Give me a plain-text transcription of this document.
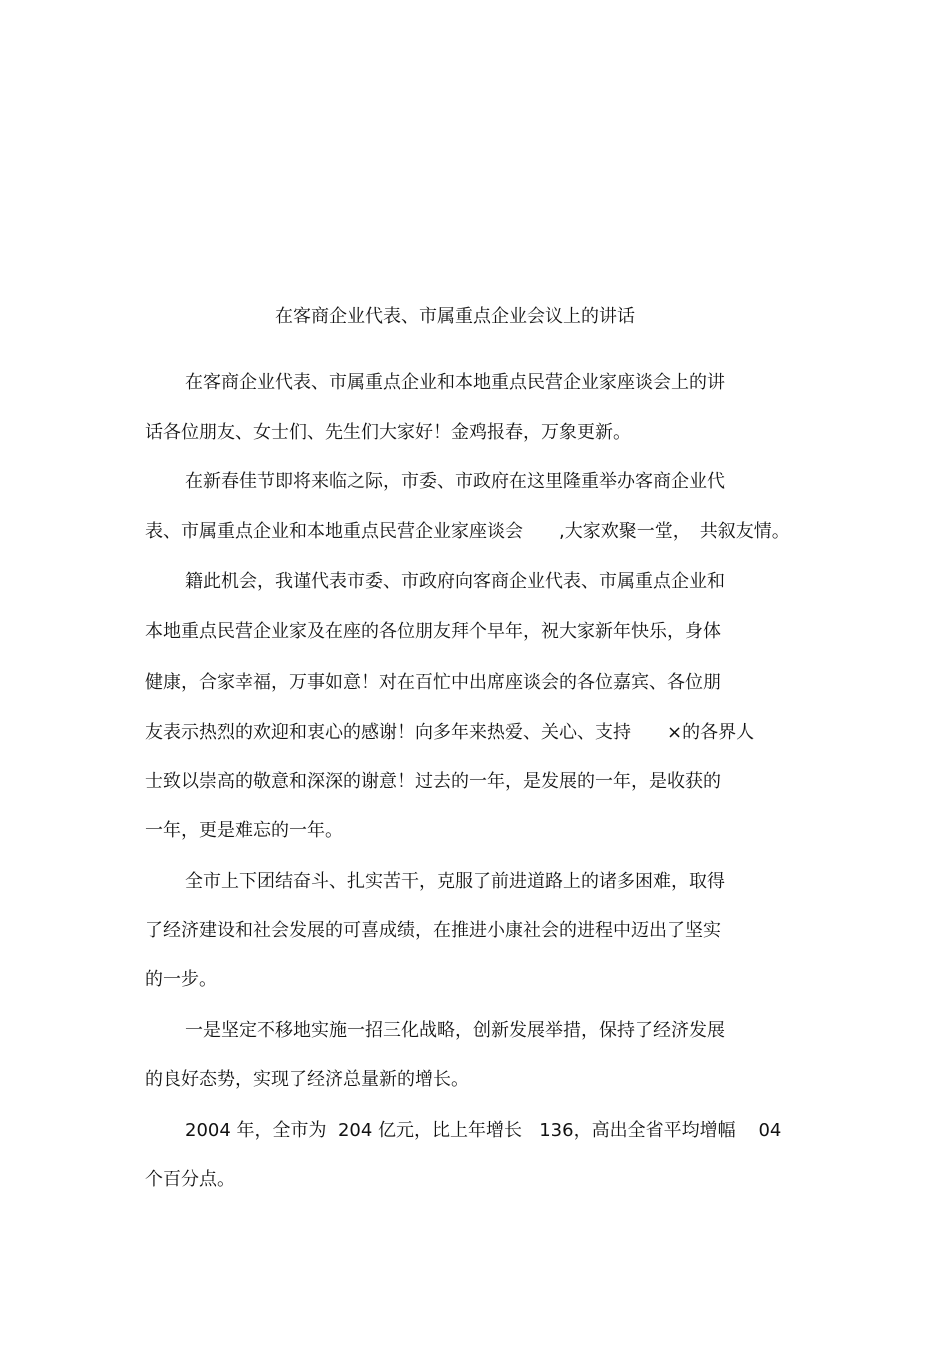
在客商企业代表、市属重点企业会议上的讲话
在客商企业代表、市属重点企业和本地重点民营企业家座谈会上的讲
话各位朋友、女士们、先生们大家好！金鸡报春，万象更新。
在新春佳节即将来临之际，市委、市政府在这里隆重举办客商企业代
表、市属重点企业和本地重点民营企业家座谈会　　,大家欢聚一堂，　共叙友情。
籍此机会，我谨代表市委、市政府向客商企业代表、市属重点企业和
本地重点民营企业家及在座的各位朋友拜个早年，祝大家新年快乐，身体
健康，合家幸福，万事如意！对在百忙中出席座谈会的各位嘉宾、各位朋
友表示热烈的欢迎和衷心的感谢！向多年来热爱、关心、支持　　×的各界人
士致以崇高的敬意和深深的谢意！过去的一年，是发展的一年，是收获的
一年，更是难忘的一年。
全市上下团结奋斗、扎实苦干，克服了前进道路上的诸多困难，取得
了经济建设和社会发展的可喜成绩，在推进小康社会的进程中迈出了坚实
的一步。
一是坚定不移地实施一招三化战略，创新发展举措，保持了经济发展
的良好态势，实现了经济总量新的增长。
2004 年，全市为  204 亿元，比上年增长   136，高出全省平均增幅    04
个百分点。
